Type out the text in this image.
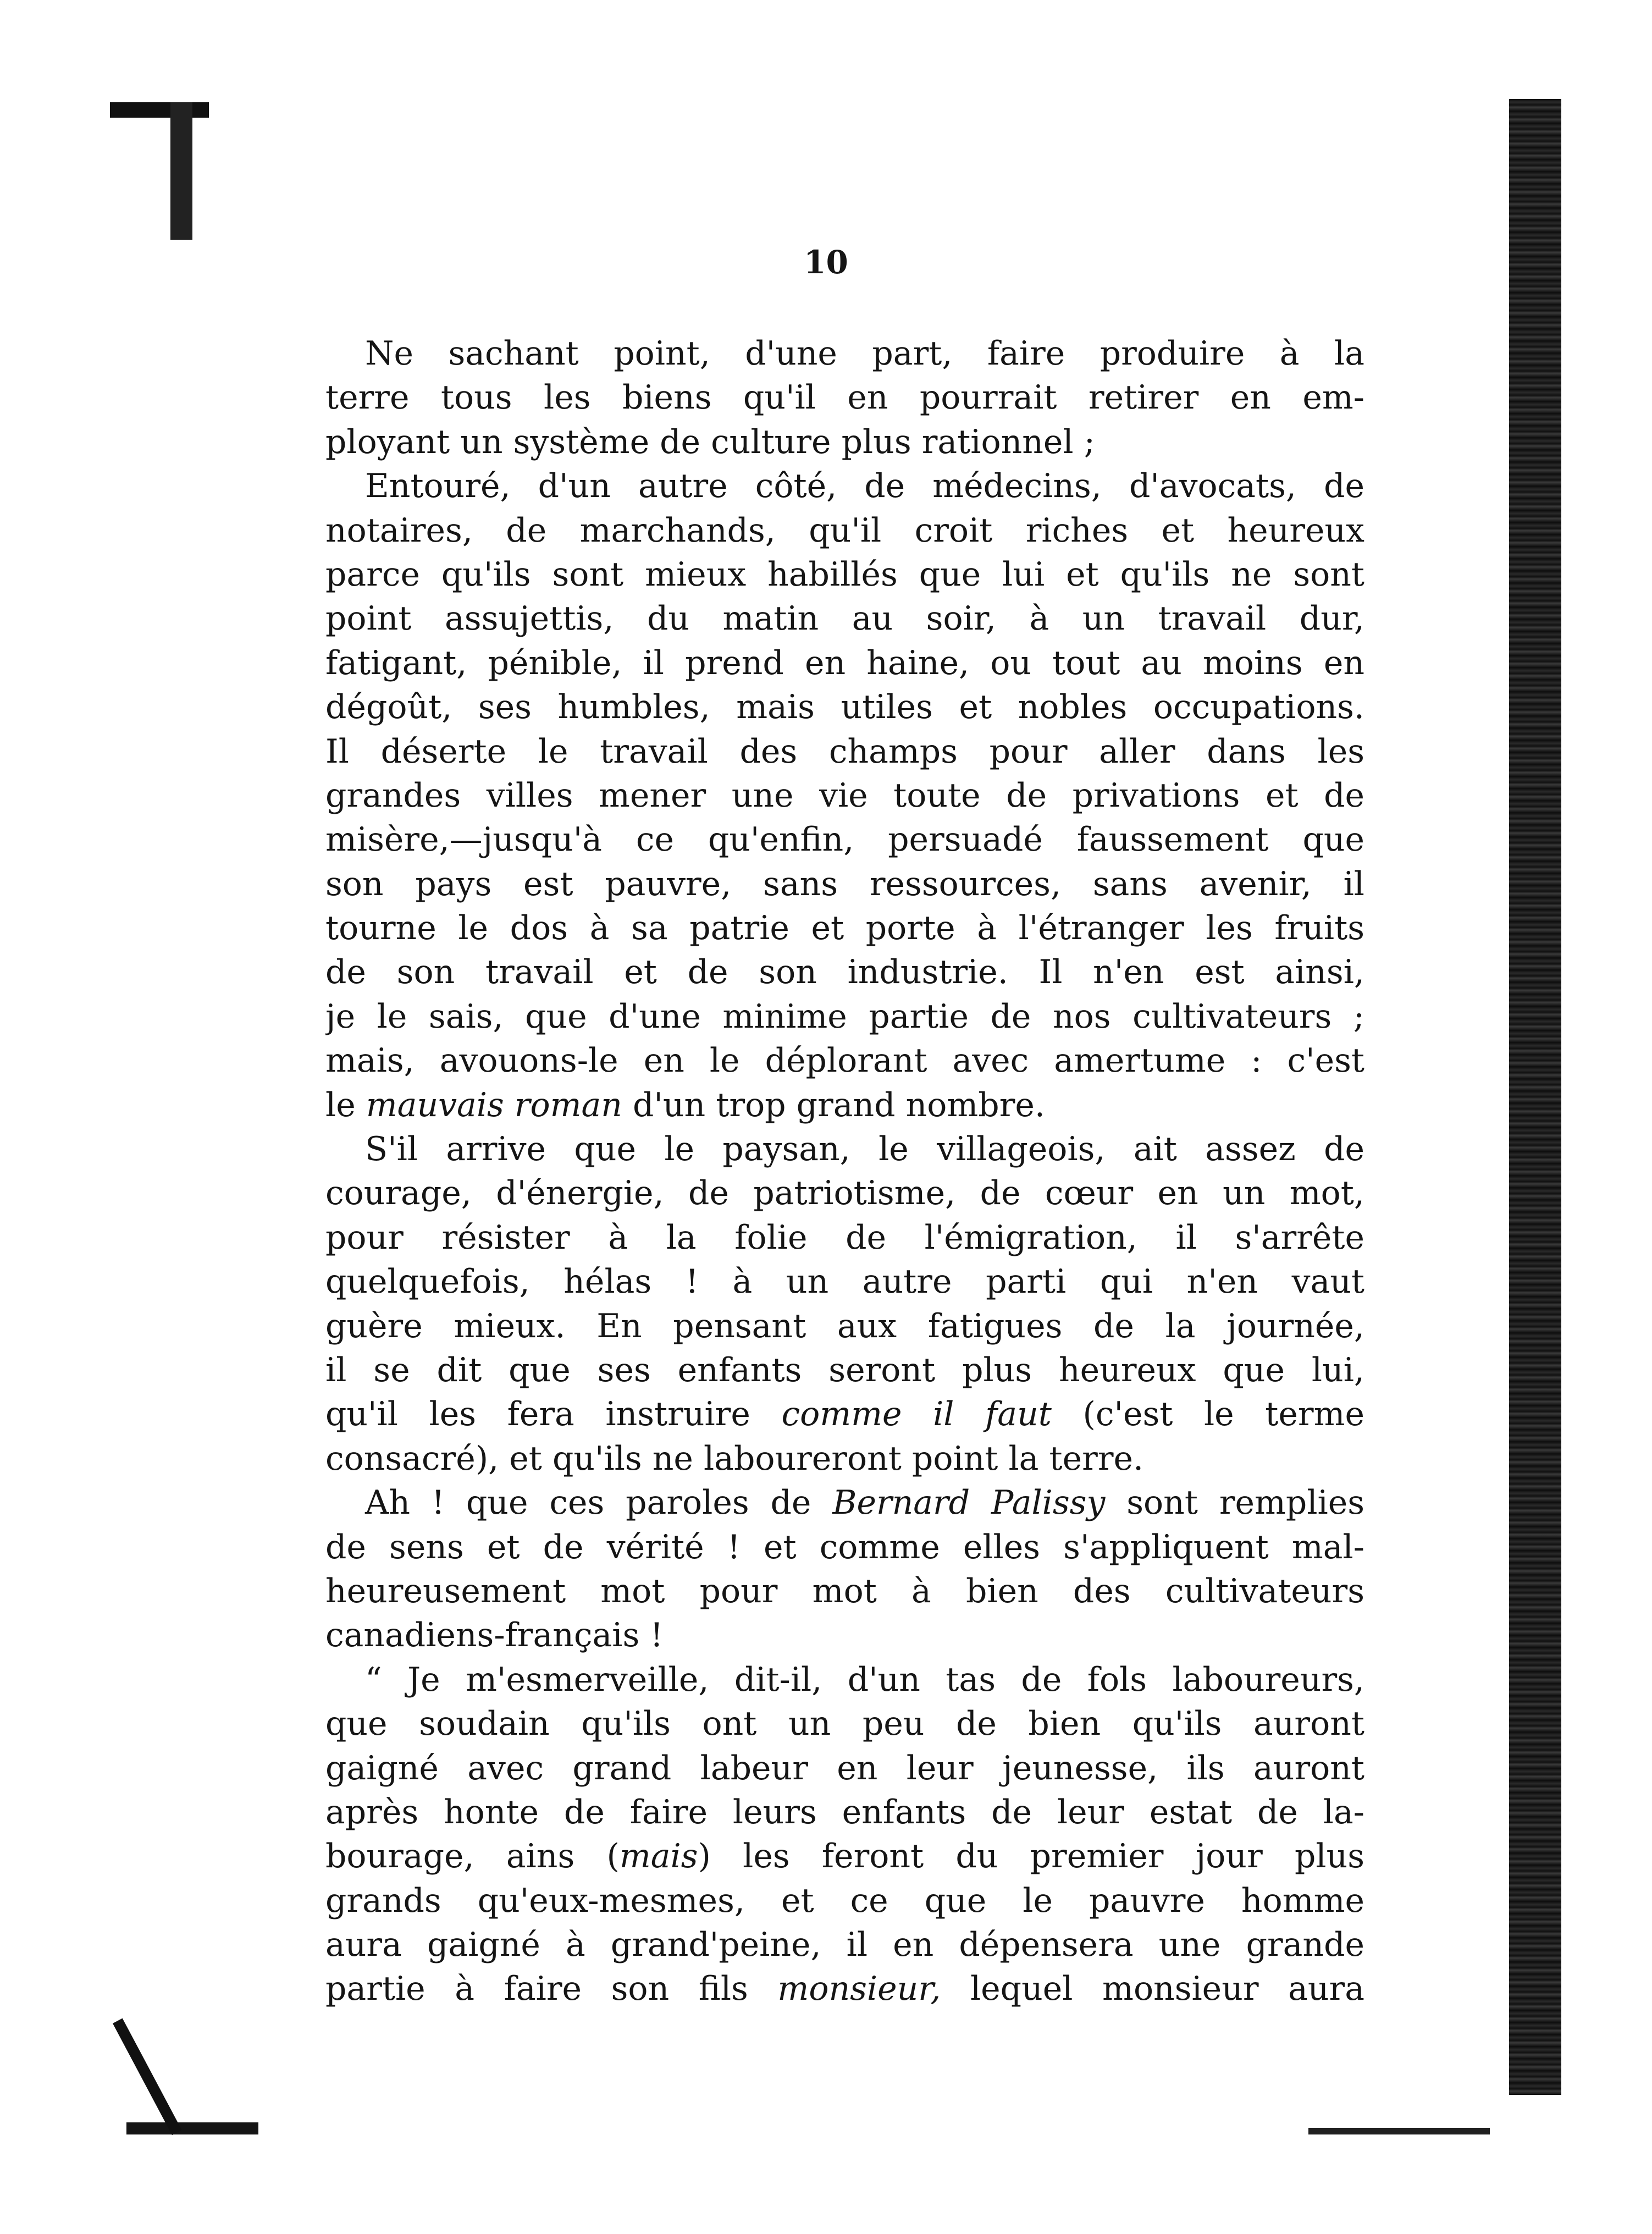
10
Ne sachant point, d'une part, faire produire à la
terre tous les biens qu'il en pourrait retirer en em-
ployant un système de culture plus rationnel ;
Entouré, d'un autre côté, de médecins, d'avocats, de
notaires, de marchands, qu'il croit riches et heureux
parce qu'ils sont mieux habillés que lui et qu'ils ne sont
point assujettis, du matin au soir, à un travail dur,
fatigant, pénible, il prend en haine, ou tout au moins en
dégoût, ses humbles, mais utiles et nobles occupations.
Il déserte le travail des champs pour aller dans les
grandes villes mener une vie toute de privations et de
misère,—jusqu'à ce qu'enfin, persuadé faussement que
son pays est pauvre, sans ressources, sans avenir, il
tourne le dos à sa patrie et porte à l'étranger les fruits
de son travail et de son industrie. Il n'en est ainsi,
je le sais, que d'une minime partie de nos cultivateurs ;
mais, avouons-le en le déplorant avec amertume : c'est
le mauvais roman d'un trop grand nombre.
S'il arrive que le paysan, le villageois, ait assez de
courage, d'énergie, de patriotisme, de cœur en un mot,
pour résister à la folie de l'émigration, il s'arrête
quelquefois, hélas ! à un autre parti qui n'en vaut
guère mieux. En pensant aux fatigues de la journée,
il se dit que ses enfants seront plus heureux que lui,
qu'il les fera instruire comme il faut (c'est le terme
consacré), et qu'ils ne laboureront point la terre.
Ah ! que ces paroles de Bernard Palissy sont remplies
de sens et de vérité ! et comme elles s'appliquent mal-
heureusement mot pour mot à bien des cultivateurs
canadiens-français !
“ Je m'esmerveille, dit-il, d'un tas de fols laboureurs,
que soudain qu'ils ont un peu de bien qu'ils auront
gaigné avec grand labeur en leur jeunesse, ils auront
après honte de faire leurs enfants de leur estat de la-
bourage, ains (mais) les feront du premier jour plus
grands qu'eux-mesmes, et ce que le pauvre homme
aura gaigné à grand'peine, il en dépensera une grande
partie à faire son fils monsieur, lequel monsieur aura
